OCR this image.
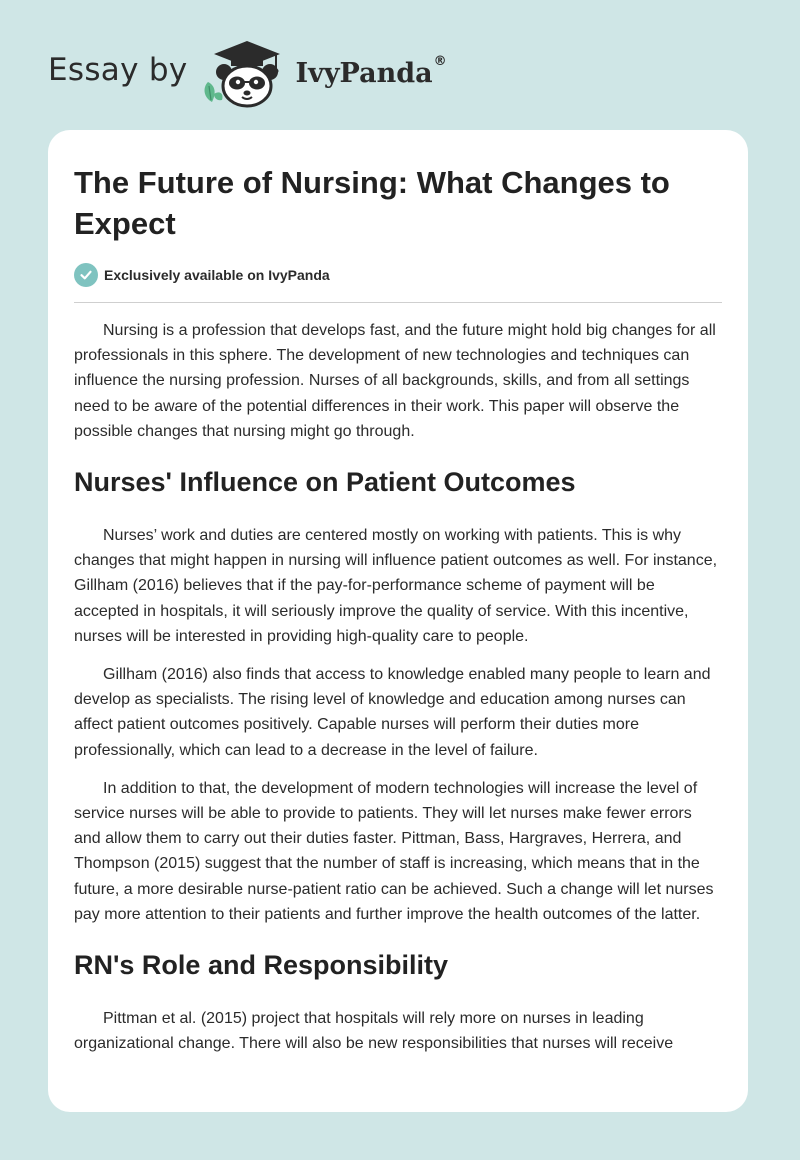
Essay by	IvyPanda®
The Future of Nursing: What Changes to Expect
Exclusively available on IvyPanda

Nursing is a profession that develops fast, and the future might hold big changes for all professionals in this sphere. The development of new technologies and techniques can influence the nursing profession. Nurses of all backgrounds, skills, and from all settings need to be aware of the potential differences in their work. This paper will observe the possible changes that nursing might go through.

Nurses' Influence on Patient Outcomes

Nurses’ work and duties are centered mostly on working with patients. This is why changes that might happen in nursing will influence patient outcomes as well. For instance, Gillham (2016) believes that if the pay-for-performance scheme of payment will be accepted in hospitals, it will seriously improve the quality of service. With this incentive, nurses will be interested in providing high-quality care to people.

Gillham (2016) also finds that access to knowledge enabled many people to learn and develop as specialists. The rising level of knowledge and education among nurses can affect patient outcomes positively. Capable nurses will perform their duties more professionally, which can lead to a decrease in the level of failure.

In addition to that, the development of modern technologies will increase the level of service nurses will be able to provide to patients. They will let nurses make fewer errors and allow them to carry out their duties faster. Pittman, Bass, Hargraves, Herrera, and Thompson (2015) suggest that the number of staff is increasing, which means that in the future, a more desirable nurse-patient ratio can be achieved. Such a change will let nurses pay more attention to their patients and further improve the health outcomes of the latter.

RN's Role and Responsibility

Pittman et al. (2015) project that hospitals will rely more on nurses in leading organizational change. There will also be new responsibilities that nurses will receive
